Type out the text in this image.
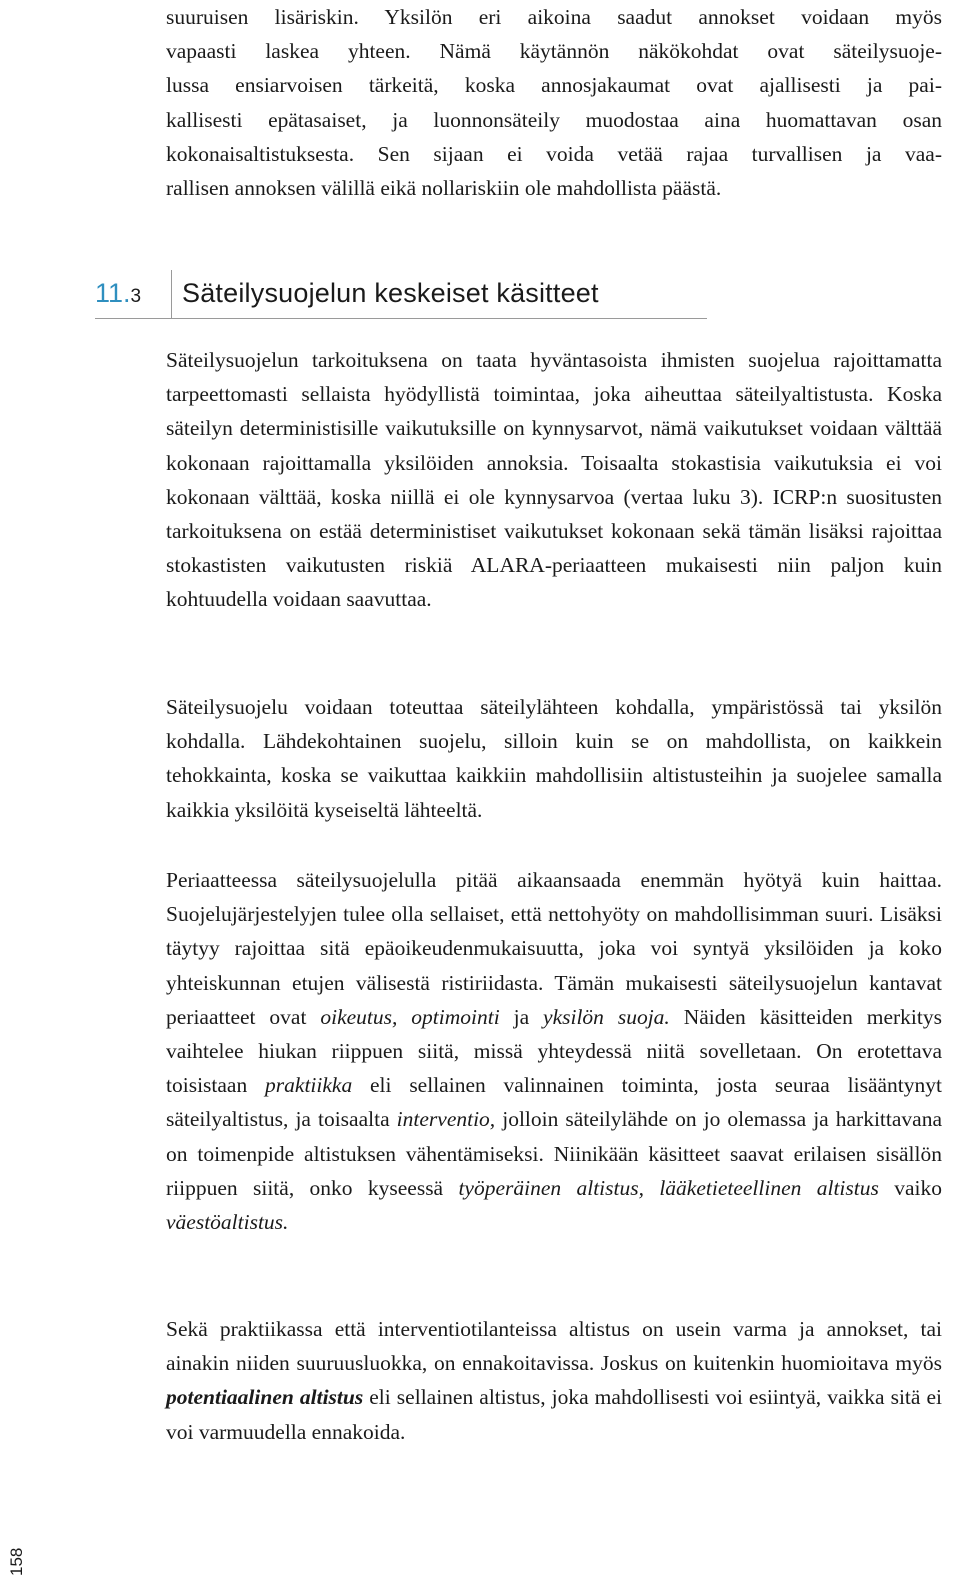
suuruisen lisäriskin. Yksilön eri aikoina saadut annokset voidaan myös
vapaasti laskea yhteen. Nämä käytännön näkökohdat ovat säteilysuoje-
lussa ensiarvoisen tärkeitä, koska annosjakaumat ovat ajallisesti ja pai-
kallisesti epätasaiset, ja luonnonsäteily muodostaa aina huomattavan osan
kokonaisaltistuksesta. Sen sijaan ei voida vetää rajaa turvallisen ja vaa-
rallisen annoksen välillä eikä nollariskiin ole mahdollista päästä.
11.3 Säteilysuojelun keskeiset käsitteet

Säteilysuojelun tarkoituksena on taata hyväntasoista ihmisten suojelua rajoittamatta tarpeettomasti sellaista hyödyllistä toimintaa, joka aiheuttaa säteilyaltistusta. Koska säteilyn deterministisille vaikutuksille on kynnysarvot, nämä vaikutukset voidaan välttää kokonaan rajoittamalla yksilöiden annoksia. Toisaalta stokastisia vaikutuksia ei voi kokonaan välttää, koska niillä ei ole kynnysarvoa (vertaa luku 3). ICRP:n suositusten tarkoituksena on estää deterministiset vaikutukset kokonaan sekä tämän lisäksi rajoittaa stokastisten vaikutusten riskiä ALARA-periaatteen mukaisesti niin paljon kuin kohtuudella voidaan saavuttaa.

Säteilysuojelu voidaan toteuttaa säteilylähteen kohdalla, ympäristössä tai yksilön kohdalla. Lähdekohtainen suojelu, silloin kuin se on mahdollista, on kaikkein tehokkainta, koska se vaikuttaa kaikkiin mahdollisiin altistusteihin ja suojelee samalla kaikkia yksilöitä kyseiseltä lähteeltä.

Periaatteessa säteilysuojelulla pitää aikaansaada enemmän hyötyä kuin haittaa. Suojelujärjestelyjen tulee olla sellaiset, että nettohyöty on mahdollisimman suuri. Lisäksi täytyy rajoittaa sitä epäoikeudenmukaisuutta, joka voi syntyä yksilöiden ja koko yhteiskunnan etujen välisestä ristiriidasta. Tämän mukaisesti säteilysuojelun kantavat periaatteet ovat oikeutus, optimointi ja yksilön suoja. Näiden käsitteiden merkitys vaihtelee hiukan riippuen siitä, missä yhteydessä niitä sovelletaan. On erotettava toisistaan praktiikka eli sellainen valinnainen toiminta, josta seuraa lisääntynyt säteilyaltistus, ja toisaalta interventio, jolloin säteilylähde on jo olemassa ja harkittavana on toimenpide altistuksen vähentämiseksi. Niinikään käsitteet saavat erilaisen sisällön riippuen siitä, onko kyseessä työperäinen altistus, lääketieteellinen altistus vaiko väestöaltistus.

Sekä praktiikassa että interventiotilanteissa altistus on usein varma ja annokset, tai ainakin niiden suuruusluokka, on ennakoitavissa. Joskus on kuitenkin huomioitava myös potentiaalinen altistus eli sellainen altistus, joka mahdollisesti voi esiintyä, vaikka sitä ei voi varmuudella ennakoida.

158
